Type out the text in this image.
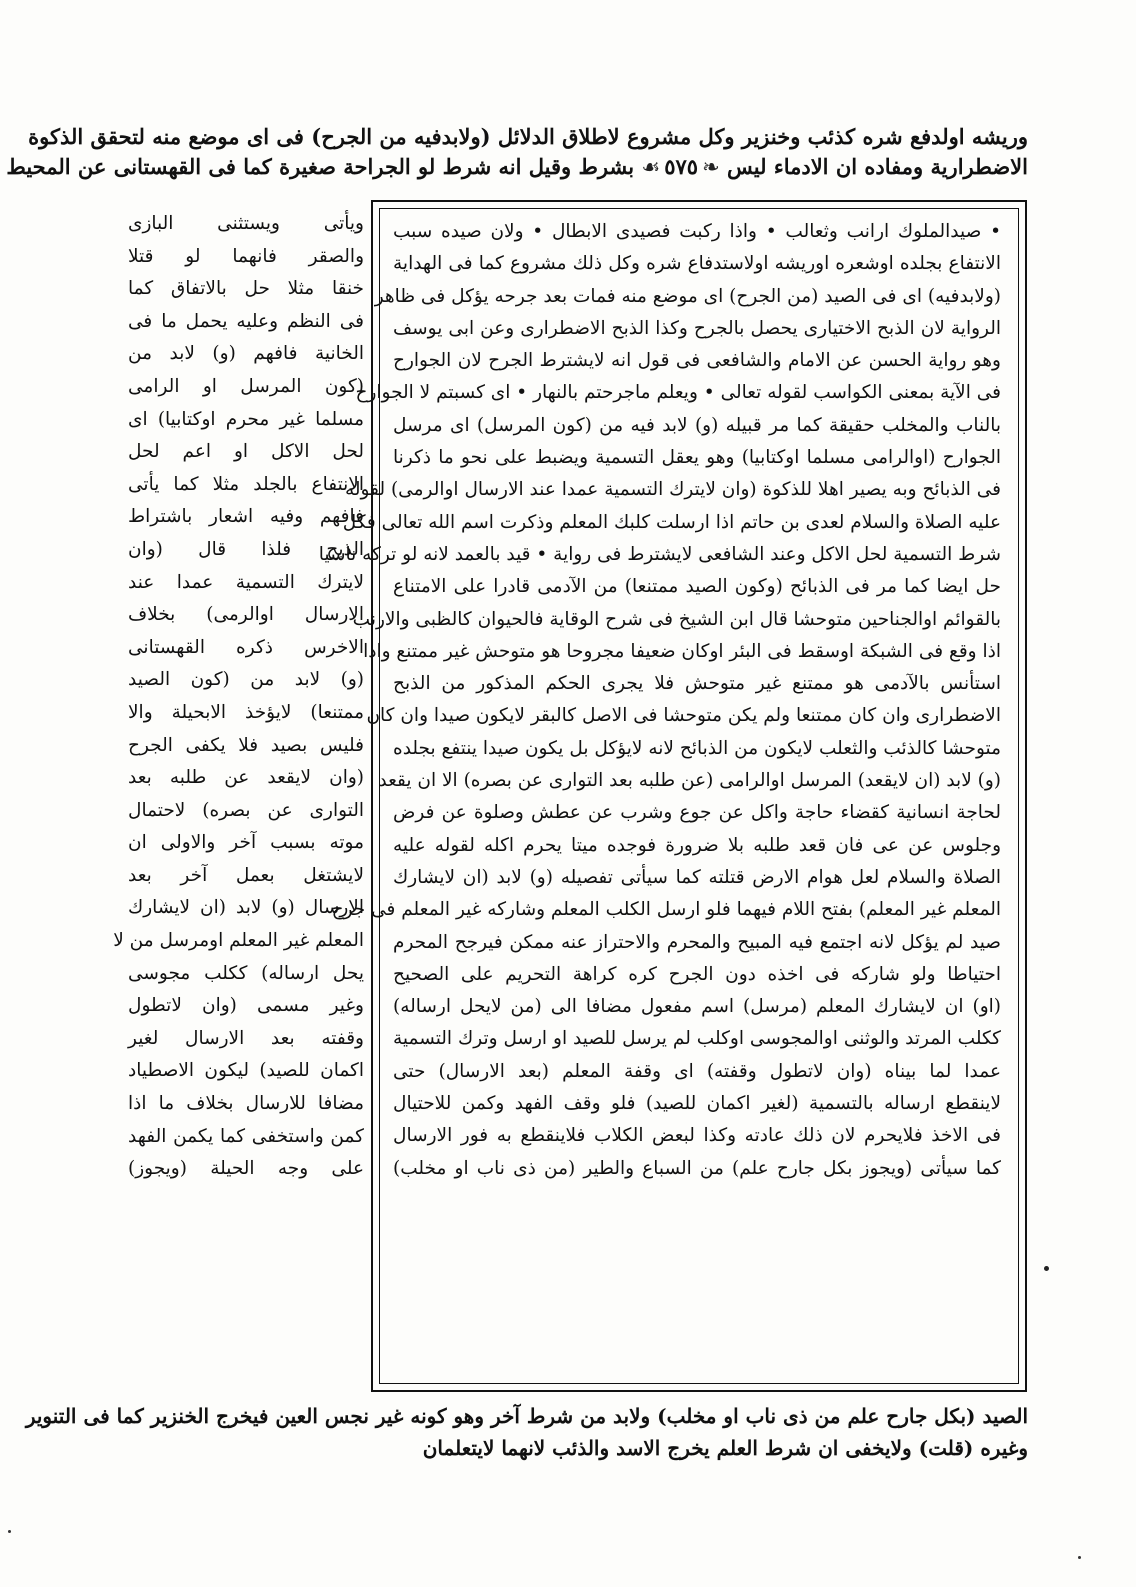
وريشه اولدفع شره كذئب وخنزير وكل مشروع لاطلاق الدلائل (ولابدفيه من الجرح) فى اى موضع منه لتحقق الذكوة
الاضطرارية ومفاده ان الادماء ليس ❧٥٧٥☙ بشرط وقيل انه شرط لو الجراحة صغيرة كما فى القهستانى عن المحيط
ويأتى ويستثنى البازى
والصقر فانهما لو قتلا
خنقا مثلا حل بالاتفاق كما
فى النظم وعليه يحمل ما فى
الخانية فافهم (و) لابد من
(كون المرسل او الرامى
مسلما غير محرم اوكتابيا) اى
لحل الاكل او اعم لحل
الانتفاع بالجلد مثلا كما يأتى
فافهم وفيه اشعار باشتراط
الذبح فلذا قال (وان
لايترك التسمية عمدا عند
الارسال اوالرمى) بخلاف
الاخرس ذكره القهستانى
(و) لابد من (كون الصيد
ممتنعا) لايؤخذ الابحيلة والا
فليس بصيد فلا يكفى الجرح
(وان لايقعد عن طلبه بعد
التوارى عن بصره) لاحتمال
موته بسبب آخر والاولى ان
لايشتغل بعمل آخر بعد
الارسال (و) لابد (ان لايشارك
المعلم غير المعلم اومرسل من لا
يحل ارساله) ككلب مجوسى
وغير مسمى (وان لاتطول
وقفته بعد الارسال لغير
اكمان للصيد) ليكون الاصطياد
مضافا للارسال بخلاف ما اذا
كمن واستخفى كما يكمن الفهد
على وجه الحيلة (ويجوز)
• صيدالملوك ارانب وثعالب • واذا ركبت فصيدى الابطال • ولان صيده سبب
الانتفاع بجلده اوشعره اوريشه اولاستدفاع شره وكل ذلك مشروع كما فى الهداية
(ولابدفيه) اى فى الصيد (من الجرح) اى موضع منه فمات بعد جرحه يؤكل فى ظاهر
الرواية لان الذبح الاختيارى يحصل بالجرح وكذا الذبح الاضطرارى وعن ابى يوسف
وهو رواية الحسن عن الامام والشافعى فى قول انه لايشترط الجرح لان الجوارح
فى الآية بمعنى الكواسب لقوله تعالى • ويعلم ماجرحتم بالنهار • اى كسبتم لا الجوارح
بالناب والمخلب حقيقة كما مر قبيله (و) لابد فيه من (كون المرسل) اى مرسل
الجوارح (اوالرامى مسلما اوكتابيا) وهو يعقل التسمية ويضبط على نحو ما ذكرنا
فى الذبائح وبه يصير اهلا للذكوة (وان لايترك التسمية عمدا عند الارسال اوالرمى) لقوله
عليه الصلاة والسلام لعدى بن حاتم اذا ارسلت كلبك المعلم وذكرت اسم الله تعالى فكل
شرط التسمية لحل الاكل وعند الشافعى لايشترط فى رواية • قيد بالعمد لانه لو تركه ناسيا
حل ايضا كما مر فى الذبائح (وكون الصيد ممتنعا) من الآدمى قادرا على الامتناع
بالقوائم اوالجناحين متوحشا قال ابن الشيخ فى شرح الوقاية فالحيوان كالظبى والارنب
اذا وقع فى الشبكة اوسقط فى البئر اوكان ضعيفا مجروحا هو متوحش غير ممتنع واذا
استأنس بالآدمى هو ممتنع غير متوحش فلا يجرى الحكم المذكور من الذبح
الاضطرارى وان كان ممتنعا ولم يكن متوحشا فى الاصل كالبقر لايكون صيدا وان كان
متوحشا كالذئب والثعلب لايكون من الذبائح لانه لايؤكل بل يكون صيدا ينتفع بجلده
(و) لابد (ان لايقعد) المرسل اوالرامى (عن طلبه بعد التوارى عن بصره) الا ان يقعد
لحاجة انسانية كقضاء حاجة واكل عن جوع وشرب عن عطش وصلوة عن فرض
وجلوس عن عى فان قعد طلبه بلا ضرورة فوجده ميتا يحرم اكله لقوله عليه
الصلاة والسلام لعل هوام الارض قتلته كما سيأتى تفصيله (و) لابد (ان لايشارك
المعلم غير المعلم) بفتح اللام فيهما فلو ارسل الكلب المعلم وشاركه غير المعلم فى جرح
صيد لم يؤكل لانه اجتمع فيه المبيح والمحرم والاحتراز عنه ممكن فيرجح المحرم
احتياطا ولو شاركه فى اخذه دون الجرح كره كراهة التحريم على الصحيح
(او) ان لايشارك المعلم (مرسل) اسم مفعول مضافا الى (من لايحل ارساله)
ككلب المرتد والوثنى اوالمجوسى اوكلب لم يرسل للصيد او ارسل وترك التسمية
عمدا لما بيناه (وان لاتطول وقفته) اى وقفة المعلم (بعد الارسال) حتى
لاينقطع ارساله بالتسمية (لغير اكمان للصيد) فلو وقف الفهد وكمن للاحتيال
فى الاخذ فلايحرم لان ذلك عادته وكذا لبعض الكلاب فلاينقطع به فور الارسال
كما سيأتى (ويجوز بكل جارح علم) من السباع والطير (من ذى ناب او مخلب)
الصيد (بكل جارح علم من ذى ناب او مخلب) ولابد من شرط آخر وهو كونه غير نجس العين فيخرج الخنزير كما فى التنوير
وغيره (قلت) ولايخفى ان شرط العلم يخرج الاسد والذئب لانهما لايتعلمان
